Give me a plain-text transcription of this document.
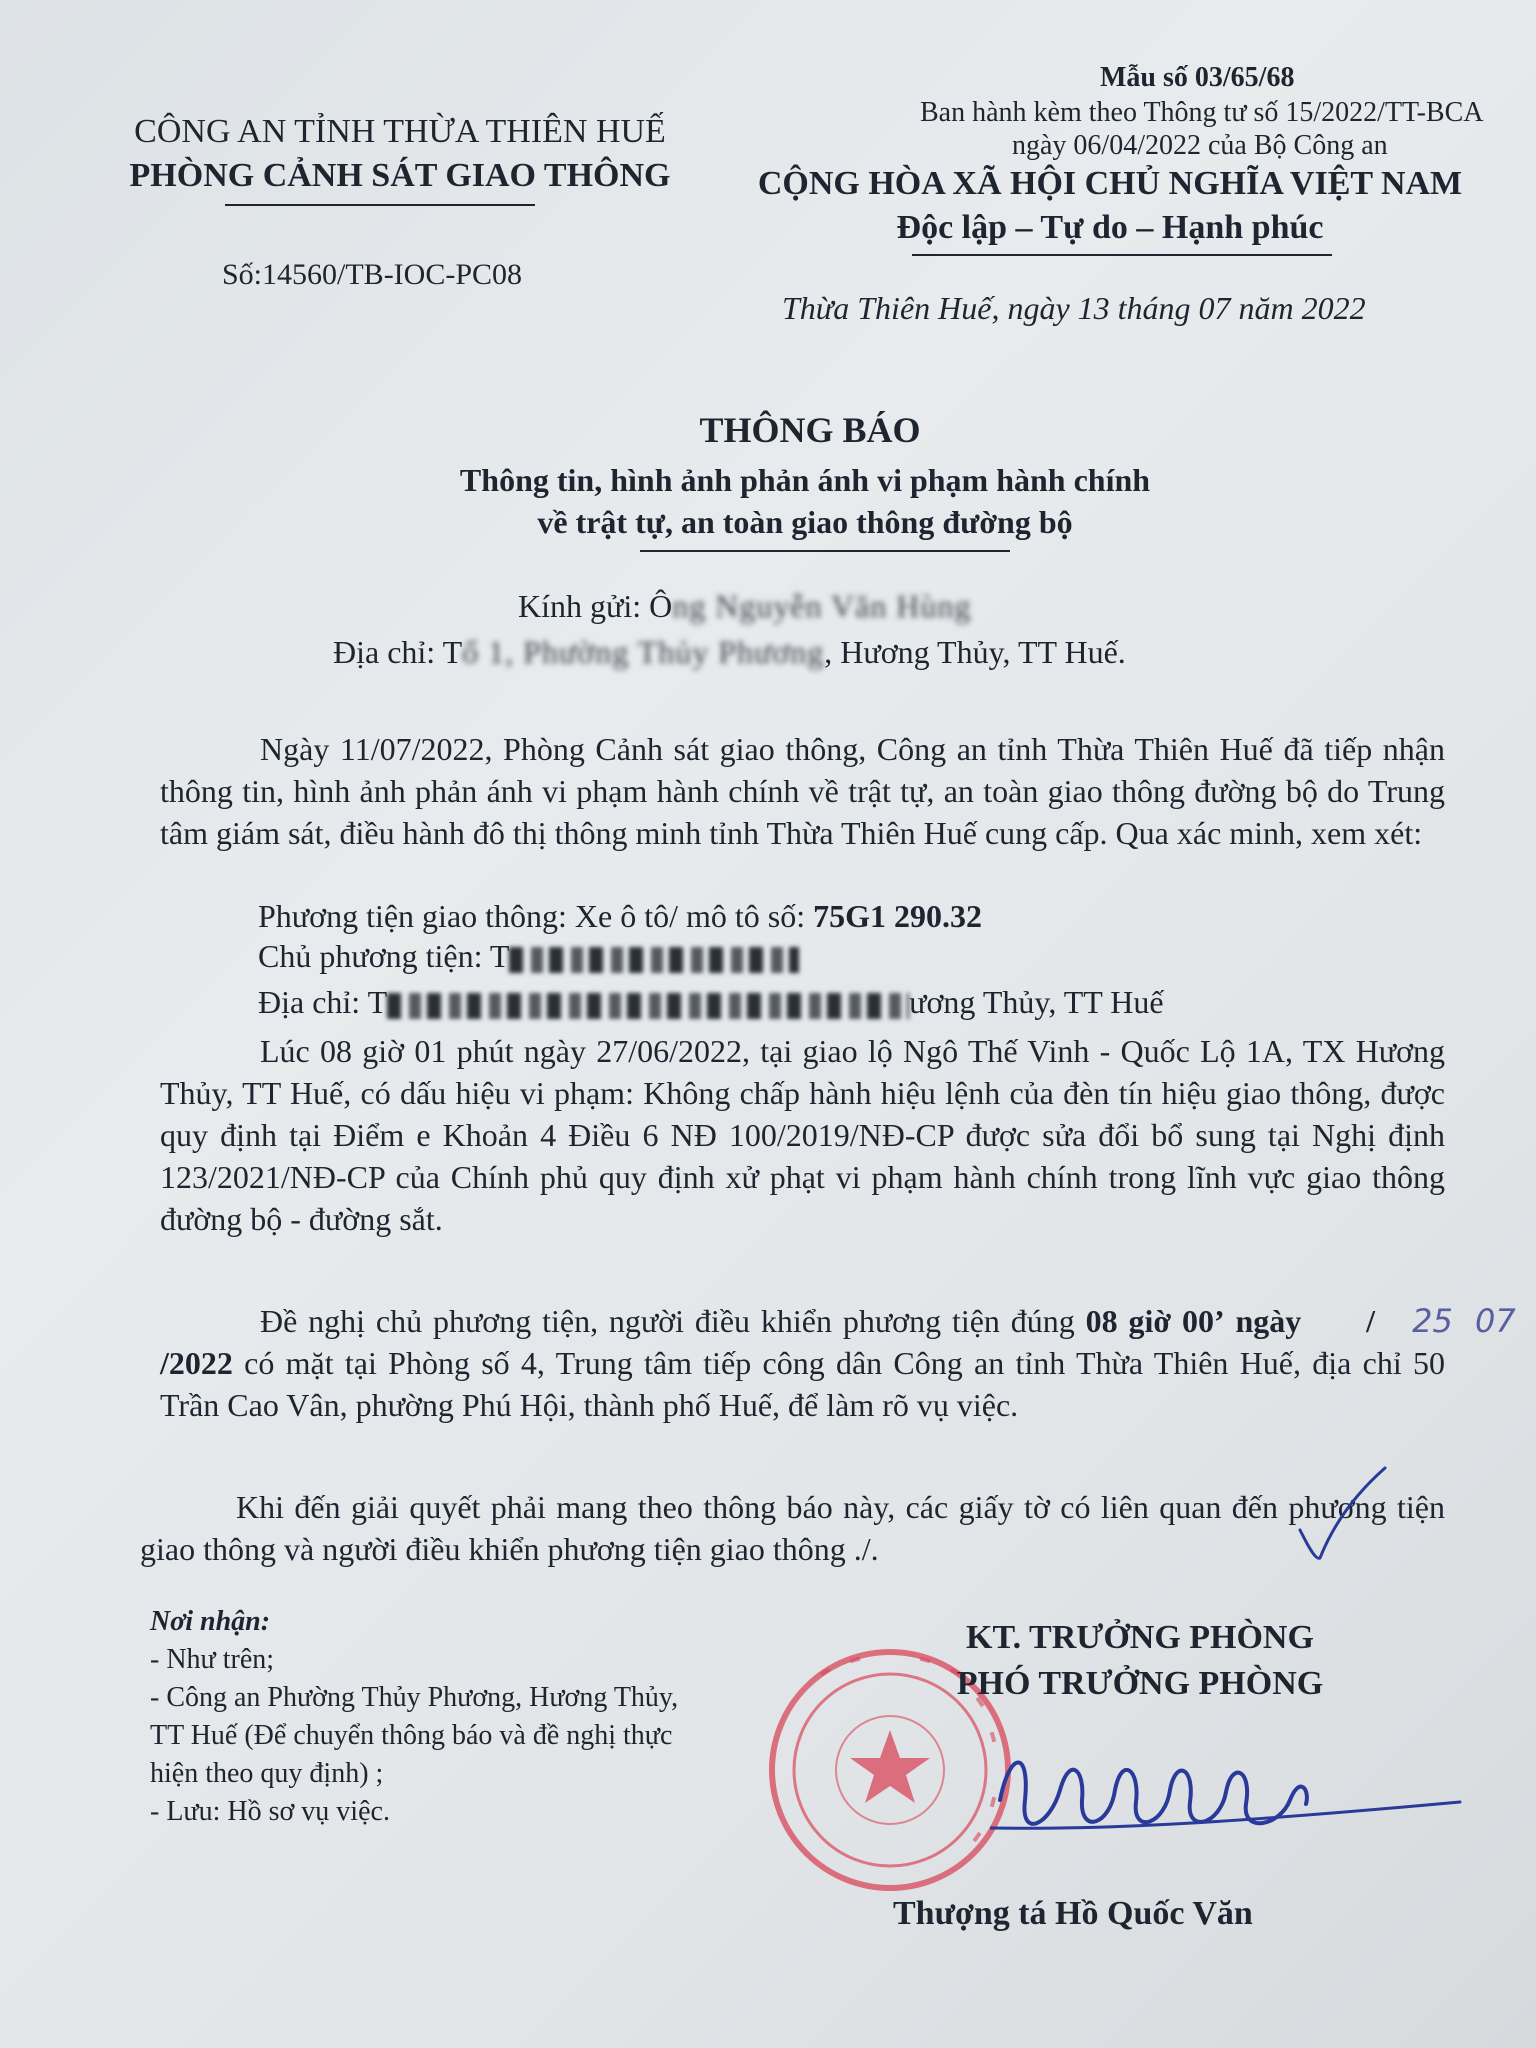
Mẫu số 03/65/68
Ban hành kèm theo Thông tư số 15/2022/TT-BCA
ngày 06/04/2022 của Bộ Công an
CÔNG AN TỈNH THỪA THIÊN HUẾ
PHÒNG CẢNH SÁT GIAO THÔNG
Số:14560/TB-IOC-PC08
CỘNG HÒA XÃ HỘI CHỦ NGHĨA VIỆT NAM
Độc lập – Tự do – Hạnh phúc
Thừa Thiên Huế, ngày 13 tháng 07 năm 2022
THÔNG BÁO
Thông tin, hình ảnh phản ánh vi phạm hành chính
về trật tự, an toàn giao thông đường bộ
Kính gửi: Ông Nguyễn Văn Hùng
Địa chỉ: Tổ 1, Phường Thủy Phương, Hương Thủy, TT Huế.
Ngày 11/07/2022, Phòng Cảnh sát giao thông, Công an tỉnh Thừa Thiên Huế đã tiếp nhận thông tin, hình ảnh phản ánh vi phạm hành chính về trật tự, an toàn giao thông đường bộ do Trung tâm giám sát, điều hành đô thị thông minh tỉnh Thừa Thiên Huế cung cấp. Qua xác minh, xem xét:
Phương tiện giao thông: Xe ô tô/ mô tô số: 75G1 290.32
Chủ phương tiện: T
Địa chỉ: T	ương Thủy, TT Huế
Lúc 08 giờ 01 phút ngày 27/06/2022, tại giao lộ Ngô Thế Vinh - Quốc Lộ 1A, TX Hương Thủy, TT Huế, có dấu hiệu vi phạm: Không chấp hành hiệu lệnh của đèn tín hiệu giao thông, được quy định tại Điểm e Khoản 4 Điều 6 NĐ 100/2019/NĐ-CP được sửa đổi bổ sung tại Nghị định 123/2021/NĐ-CP của Chính phủ quy định xử phạt vi phạm hành chính trong lĩnh vực giao thông đường bộ - đường sắt.
Đề nghị chủ phương tiện, người điều khiển phương tiện đúng 08 giờ 00’ ngày	25/	07/2022 có mặt tại Phòng số 4, Trung tâm tiếp công dân Công an tỉnh Thừa Thiên Huế, địa chỉ 50 Trần Cao Vân, phường Phú Hội, thành phố Huế, để làm rõ vụ việc.
Khi đến giải quyết phải mang theo thông báo này, các giấy tờ có liên quan đến phương tiện giao thông và người điều khiển phương tiện giao thông ./.
Nơi nhận:
- Như trên;
- Công an Phường Thủy Phương, Hương Thủy,
TT Huế (Để chuyển thông báo và đề nghị thực
hiện theo quy định) ;
- Lưu: Hồ sơ vụ việc.
KT. TRƯỞNG PHÒNG
PHÓ TRƯỞNG PHÒNG
Thượng tá Hồ Quốc Văn
